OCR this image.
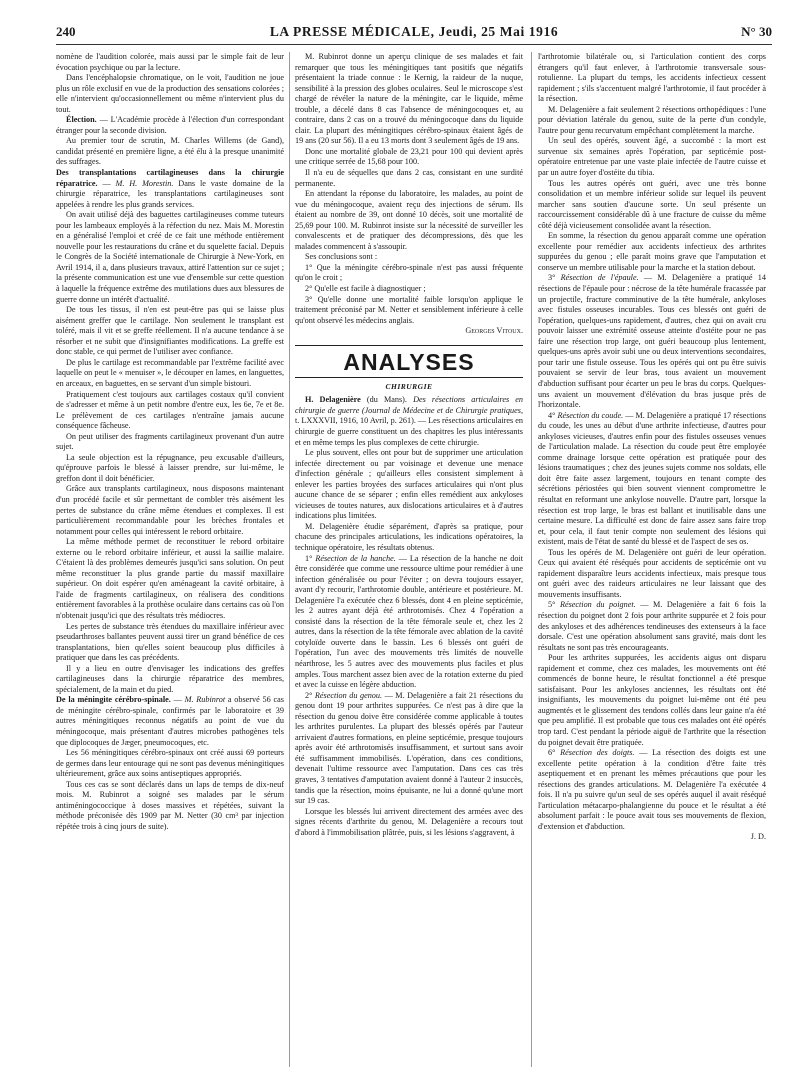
240	LA PRESSE MÉDICALE, Jeudi, 25 Mai 1916	N° 30

nomène de l'audition colorée, mais aussi par le simple fait de leur évocation psychique ou par la lecture.

Dans l'encéphalopsie chromatique, on le voit, l'audition ne joue plus un rôle exclusif en vue de la production des sensations colorées ; elle n'intervient qu'occasionnellement ou même n'intervient plus du tout.

Élection. — L'Académie procède à l'élection d'un correspondant étranger pour la seconde division.

Au premier tour de scrutin, M. Charles Willems (de Gand), candidat présenté en première ligne, a été élu à la presque unanimité des suffrages.

Des transplantations cartilagineuses dans la chirurgie réparatrice. — M. H. Morestin. Dans le vaste domaine de la chirurgie réparatrice, les transplantations cartilagineuses sont appelées à rendre les plus grands services.

On avait utilisé déjà des baguettes cartilagineuses comme tuteurs pour les lambeaux employés à la réfection du nez. Mais M. Morestin en a généralisé l'emploi et créé de ce fait une méthode entièrement nouvelle pour les restaurations du crâne et du squelette facial. Depuis le Congrès de la Société internationale de Chirurgie à New-York, en Avril 1914, il a, dans plusieurs travaux, attiré l'attention sur ce sujet ; la présente communication est une vue d'ensemble sur cette question à laquelle la fréquence extrême des mutilations dues aux blessures de guerre donne un intérêt d'actualité.

De tous les tissus, il n'en est peut-être pas qui se laisse plus aisément greffer que le cartilage. Non seulement le transplant est toléré, mais il vit et se greffe réellement. Il n'a aucune tendance à se résorber et ne subit que d'insignifiantes modifications. La greffe est donc stable, ce qui permet de l'utiliser avec confiance.

De plus le cartilage est recommandable par l'extrême facilité avec laquelle on peut le « menuiser », le découper en lames, en languettes, en arceaux, en baguettes, en se servant d'un simple bistouri.

Pratiquement c'est toujours aux cartilages costaux qu'il convient de s'adresser et même à un petit nombre d'entre eux, les 6e, 7e et 8e. Le prélèvement de ces cartilages n'entraîne jamais aucune conséquence fâcheuse.

On peut utiliser des fragments cartilagineux provenant d'un autre sujet.

La seule objection est la répugnance, peu excusable d'ailleurs, qu'éprouve parfois le blessé à laisser prendre, sur lui-même, le greffon dont il doit bénéficier.

Grâce aux transplants cartilagineux, nous disposons maintenant d'un procédé facile et sûr permettant de combler très aisément les pertes de substance du crâne même étendues et complexes. Il est particulièrement recommandable pour les brèches frontales et notamment pour celles qui intéressent le rebord orbitaire.

La même méthode permet de reconstituer le rebord orbitaire externe ou le rebord orbitaire inférieur, et aussi la saillie malaire. C'étaient là des problèmes demeurés jusqu'ici sans solution. On peut même reconstituer la plus grande partie du massif maxillaire supérieur. On doit espérer qu'en aménageant la cavité orbitaire, à l'aide de fragments cartilagineux, on réalisera des conditions entièrement favorables à la prothèse oculaire dans certains cas où l'on n'obtenait jusqu'ici que des résultats très médiocres.

Les pertes de substance très étendues du maxillaire inférieur avec pseudarthroses ballantes peuvent aussi tirer un grand bénéfice de ces transplantations, bien qu'elles soient beaucoup plus difficiles à pratiquer que dans les cas précédents.

Il y a lieu en outre d'envisager les indications des greffes cartilagineuses dans la chirurgie réparatrice des membres, spécialement, de la main et du pied.

De la méningite cérébro-spinale. — M. Rubinrot a observé 56 cas de méningite cérébro-spinale, confirmés par le laboratoire et 39 autres méningitiques reconnus négatifs au point de vue du méningocoque, mais présentant d'autres microbes pathogènes tels que diplocoques de Jæger, pneumocoques, etc.

Les 56 méningitiques cérébro-spinaux ont créé aussi 69 porteurs de germes dans leur entourage qui ne sont pas devenus méningitiques ultérieurement, grâce aux soins antiseptiques appropriés.

Tous ces cas se sont déclarés dans un laps de temps de dix-neuf mois. M. Rubinrot a soigné ses malades par le sérum antiméningococcique à doses massives et répétées, suivant la méthode préconisée dès 1909 par M. Netter (30 cm³ par injection répétée trois à cinq jours de suite).

M. Rubinrot donne un aperçu clinique de ses malades et fait remarquer que tous les méningitiques tant positifs que négatifs présentaient la triade connue : le Kernig, la raideur de la nuque, sensibilité à la pression des globes oculaires. Seul le microscope s'est chargé de révéler la nature de la méningite, car le liquide, même trouble, a décelé dans 8 cas l'absence de méningocoques et, au contraire, dans 2 cas on a trouvé du méningocoque dans du liquide clair. La plupart des méningitiques cérébro-spinaux étaient âgés de 19 ans (20 sur 56). Il a eu 13 morts dont 3 seulement âgés de 19 ans.

Donc une mortalité globale de 23,21 pour 100 qui devient après une critique serrée de 15,68 pour 100.

Il n'a eu de séquelles que dans 2 cas, consistant en une surdité permanente.

En attendant la réponse du laboratoire, les malades, au point de vue du méningocoque, avaient reçu des injections de sérum. Ils étaient au nombre de 39, ont donné 10 décès, soit une mortalité de 25,69 pour 100. M. Rubinrot insiste sur la nécessité de surveiller les convalescents et de pratiquer des décompressions, dès que les malades commencent à s'assoupir.

Ses conclusions sont :

1° Que la méningite cérébro-spinale n'est pas aussi fréquente qu'on le croit ;

2° Qu'elle est facile à diagnostiquer ;

3° Qu'elle donne une mortalité faible lorsqu'on applique le traitement préconisé par M. Netter et sensiblement inférieure à celle qu'ont observé les médecins anglais.

Georges Vitoux.

ANALYSES

CHIRURGIE

H. Delagenière (du Mans). Des résections articulaires en chirurgie de guerre (Journal de Médecine et de Chirurgie pratiques, t. LXXXVII, 1916, 10 Avril, p. 261). — Les résections articulaires en chirurgie de guerre constituent un des chapitres les plus intéressants et en même temps les plus complexes de cette chirurgie.

Le plus souvent, elles ont pour but de supprimer une articulation infectée directement ou par voisinage et devenue une menace d'infection générale ; qu'ailleurs elles consistent simplement à enlever les parties broyées des surfaces articulaires qui n'ont plus aucune chance de se séparer ; enfin elles remédient aux ankyloses vicieuses de toutes natures, aux dislocations articulaires et à d'autres indications plus limitées.

M. Delagenière étudie séparément, d'après sa pratique, pour chacune des principales articulations, les indications opératoires, la technique opératoire, les résultats obtenus.

1° Résection de la hanche. — La résection de la hanche ne doit être considérée que comme une ressource ultime pour remédier à une infection généralisée ou pour l'éviter ; on devra toujours essayer, avant d'y recourir, l'arthrotomie double, antérieure et postérieure. M. Delagenière l'a exécutée chez 6 blessés, dont 4 en pleine septicémie, les 2 autres ayant déjà été arthrotomisés. Chez 4 l'opération a consisté dans la résection de la tête fémorale seule et, chez les 2 autres, dans la résection de la tête fémorale avec ablation de la cavité cotyloïde ouverte dans le bassin. Les 6 blessés ont guéri de l'opération, l'un avec des mouvements très limités de nouvelle néarthrose, les 5 autres avec des mouvements plus faciles et plus amples. Tous marchent assez bien avec de la rotation externe du pied et avec la cuisse en légère abduction.

2° Résection du genou. — M. Delagenière a fait 21 résections du genou dont 19 pour arthrites suppurées. Ce n'est pas à dire que la résection du genou doive être considérée comme applicable à toutes les arthrites purulentes. La plupart des blessés opérés par l'auteur arrivaient d'autres formations, en pleine septicémie, presque toujours après avoir été arthrotomisés insuffisamment, et surtout sans avoir été suffisamment immobilisés. L'opération, dans ces conditions, devenait l'ultime ressource avec l'amputation. Dans ces cas très graves, 3 tentatives d'amputation avaient donné à l'auteur 2 insuccès, tandis que la résection, moins épuisante, ne lui a donné qu'une mort sur 19 cas.

Lorsque les blessés lui arrivent directement des armées avec des signes récents d'arthrite du genou, M. Delagenière a recours tout d'abord à l'immobilisation plâtrée, puis, si les lésions s'aggravent, à

l'arthrotomie bilatérale ou, si l'articulation contient des corps étrangers qu'il faut enlever, à l'arthrotomie transversale sous-rotulienne. La plupart du temps, les accidents infectieux cessent rapidement ; s'ils s'accentuent malgré l'arthrotomie, il faut procéder à la résection.

M. Delagenière a fait seulement 2 résections orthopédiques : l'une pour déviation latérale du genou, suite de la perte d'un condyle, l'autre pour genu recurvatum empêchant complètement la marche.

Un seul des opérés, souvent âgé, a succombé : la mort est survenue six semaines après l'opération, par septicémie post-opératoire entretenue par une vaste plaie infectée de l'autre cuisse et par un autre foyer d'ostéite du tibia.

Tous les autres opérés ont guéri, avec une très bonne consolidation et un membre inférieur solide sur lequel ils peuvent marcher sans soutien d'aucune sorte. Un seul présente un raccourcissement considérable dû à une fracture de cuisse du même côté déjà vicieusement consolidée avant la résection.

En somme, la résection du genou apparaît comme une opération excellente pour remédier aux accidents infectieux des arthrites suppurées du genou ; elle paraît moins grave que l'amputation et conserve un membre utilisable pour la marche et la station debout.

3° Résection de l'épaule. — M. Delagenière a pratiqué 14 résections de l'épaule pour : nécrose de la tête humérale fracassée par un projectile, fracture comminutive de la tête humérale, ankyloses avec fistules osseuses incurables. Tous ces blessés ont guéri de l'opération, quelques-uns rapidement, d'autres, chez qui on avait cru pouvoir laisser une extrémité osseuse atteinte d'ostéite pour ne pas faire une résection trop large, ont guéri beaucoup plus lentement, quelques-uns après avoir subi une ou deux interventions secondaires, pour tarir une fistule osseuse. Tous les opérés qui ont pu être suivis pouvaient se servir de leur bras, tous avaient un mouvement d'abduction suffisant pour écarter un peu le bras du corps. Quelques-uns avaient un mouvement d'élévation du bras jusque près de l'horizontale.

4° Résection du coude. — M. Delagenière a pratiqué 17 résections du coude, les unes au début d'une arthrite infectieuse, d'autres pour ankyloses vicieuses, d'autres enfin pour des fistules osseuses venues de l'articulation malade. La résection du coude peut être employée comme drainage lorsque cette opération est pratiquée pour des lésions traumatiques ; chez des jeunes sujets comme nos soldats, elle doit être faite assez largement, toujours en tenant compte des sécrétions périostées qui bien souvent viennent compromettre le résultat en reformant une ankylose nouvelle. D'autre part, lorsque la résection est trop large, le bras est ballant et inutilisable dans une certaine mesure. La difficulté est donc de faire assez sans faire trop et, pour cela, il faut tenir compte non seulement des lésions qui existent, mais de l'état de santé du blessé et de l'aspect de ses os.

Tous les opérés de M. Delagenière ont guéri de leur opération. Ceux qui avaient été réséqués pour accidents de septicémie ont vu rapidement disparaître leurs accidents infectieux, mais presque tous ont guéri avec des raideurs articulaires ne leur laissant que des mouvements insuffisants.

5° Résection du poignet. — M. Delagenière a fait 6 fois la résection du poignet dont 2 fois pour arthrite suppurée et 2 fois pour des ankyloses et des adhérences tendineuses des extenseurs à la face dorsale. C'est une opération absolument sans gravité, mais dont les résultats ne sont pas très encourageants.

Pour les arthrites suppurées, les accidents aigus ont disparu rapidement et comme, chez ces malades, les mouvements ont été commencés de bonne heure, le résultat fonctionnel a été presque satisfaisant. Pour les ankyloses anciennes, les résultats ont été insignifiants, les mouvements du poignet lui-même ont été peu augmentés et le glissement des tendons collés dans leur gaine n'a été que peu amplifié. Il est probable que tous ces malades ont été opérés trop tard. C'est pendant la période aiguë de l'arthrite que la résection du poignet devait être pratiquée.

6° Résection des doigts. — La résection des doigts est une excellente petite opération à la condition d'être faite très aseptiquement et en prenant les mêmes précautions que pour les résections des grandes articulations. M. Delagenière l'a exécutée 4 fois. Il n'a pu suivre qu'un seul de ses opérés auquel il avait réséqué l'articulation métacarpo-phalangienne du pouce et le résultat a été absolument parfait : le pouce avait tous ses mouvements de flexion, d'extension et d'abduction.

J. D.
